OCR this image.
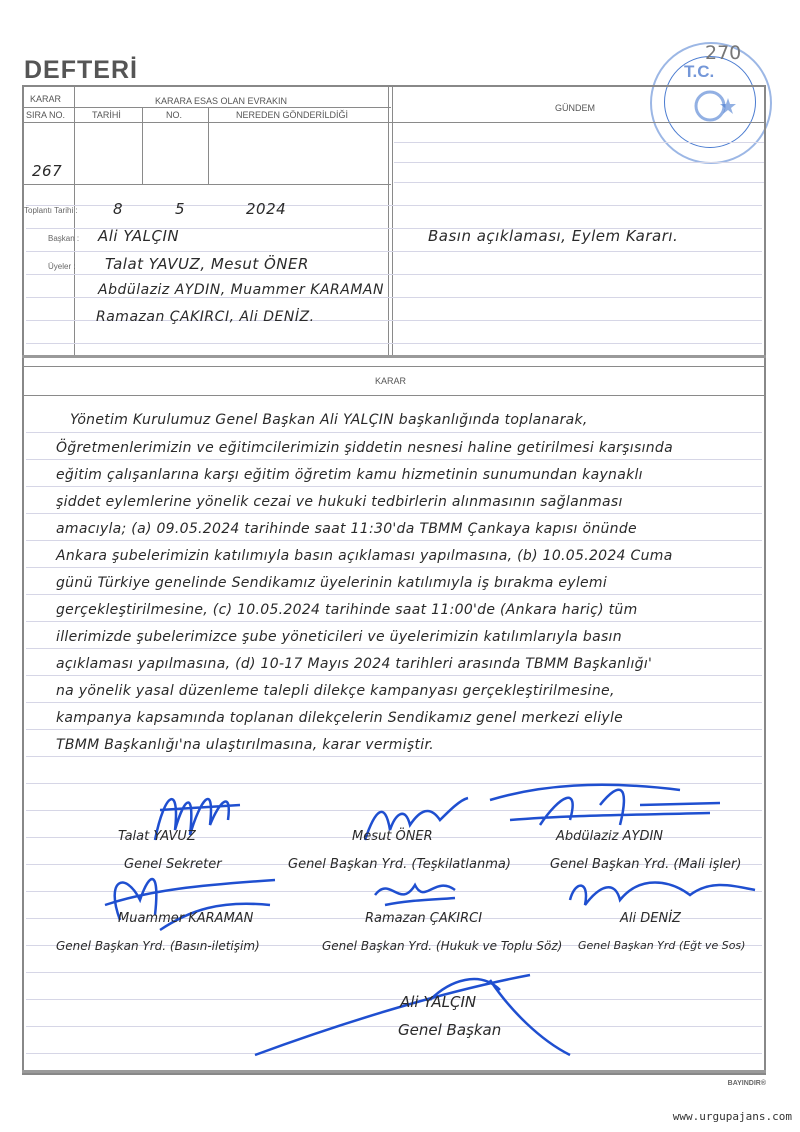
DEFTERİ	T.C.
270
KARAR
SIRA NO.
KARARA ESAS OLAN EVRAKIN
TARİHİ	NO.	NEREDEN GÖNDERİLDİĞİ
GÜNDEM
267
Toplantı Tarihi : 8	5	2024
Başkan : Ali YALÇIN
Üyeler : Talat YAVUZ, Mesut ÖNER
Abdülaziz AYDIN, Muammer KARAMAN
Ramazan ÇAKIRCI, Ali DENİZ.
Basın açıklaması, Eylem Kararı.
KARAR
Yönetim Kurulumuz Genel Başkan Ali YALÇIN başkanlığında toplanarak,
Öğretmenlerimizin ve eğitimcilerimizin şiddetin nesnesi haline getirilmesi karşısında
eğitim çalışanlarına karşı eğitim öğretim kamu hizmetinin sunumundan kaynaklı
şiddet eylemlerine yönelik cezai ve hukuki tedbirlerin alınmasının sağlanması
amacıyla; (a) 09.05.2024 tarihinde saat 11:30'da TBMM Çankaya kapısı önünde
Ankara şubelerimizin katılımıyla basın açıklaması yapılmasına, (b) 10.05.2024 Cuma
günü Türkiye genelinde Sendikamız üyelerinin katılımıyla iş bırakma eylemi
gerçekleştirilmesine, (c) 10.05.2024 tarihinde saat 11:00'de (Ankara hariç) tüm
illerimizde şubelerimizce şube yöneticileri ve üyelerimizin katılımlarıyla basın
açıklaması yapılmasına, (d) 10-17 Mayıs 2024 tarihleri arasında TBMM Başkanlığı'
na yönelik yasal düzenleme talepli dilekçe kampanyası gerçekleştirilmesine,
kampanya kapsamında toplanan dilekçelerin Sendikamız genel merkezi eliyle
TBMM Başkanlığı'na ulaştırılmasına, karar vermiştir.
Talat YAVUZ
Genel Sekreter
Mesut ÖNER
Genel Başkan Yrd. (Teşkilatlanma)
Abdülaziz AYDIN
Genel Başkan Yrd. (Mali işler)
Muammer KARAMAN
Genel Başkan Yrd. (Basın-iletişim)
Ramazan ÇAKIRCI
Genel Başkan Yrd. (Hukuk ve Toplu Söz)
Ali DENİZ
Genel Başkan Yrd (Eğt ve Sos)
Ali YALÇIN
Genel Başkan
BAYINDIR®
www.urgupajans.com
